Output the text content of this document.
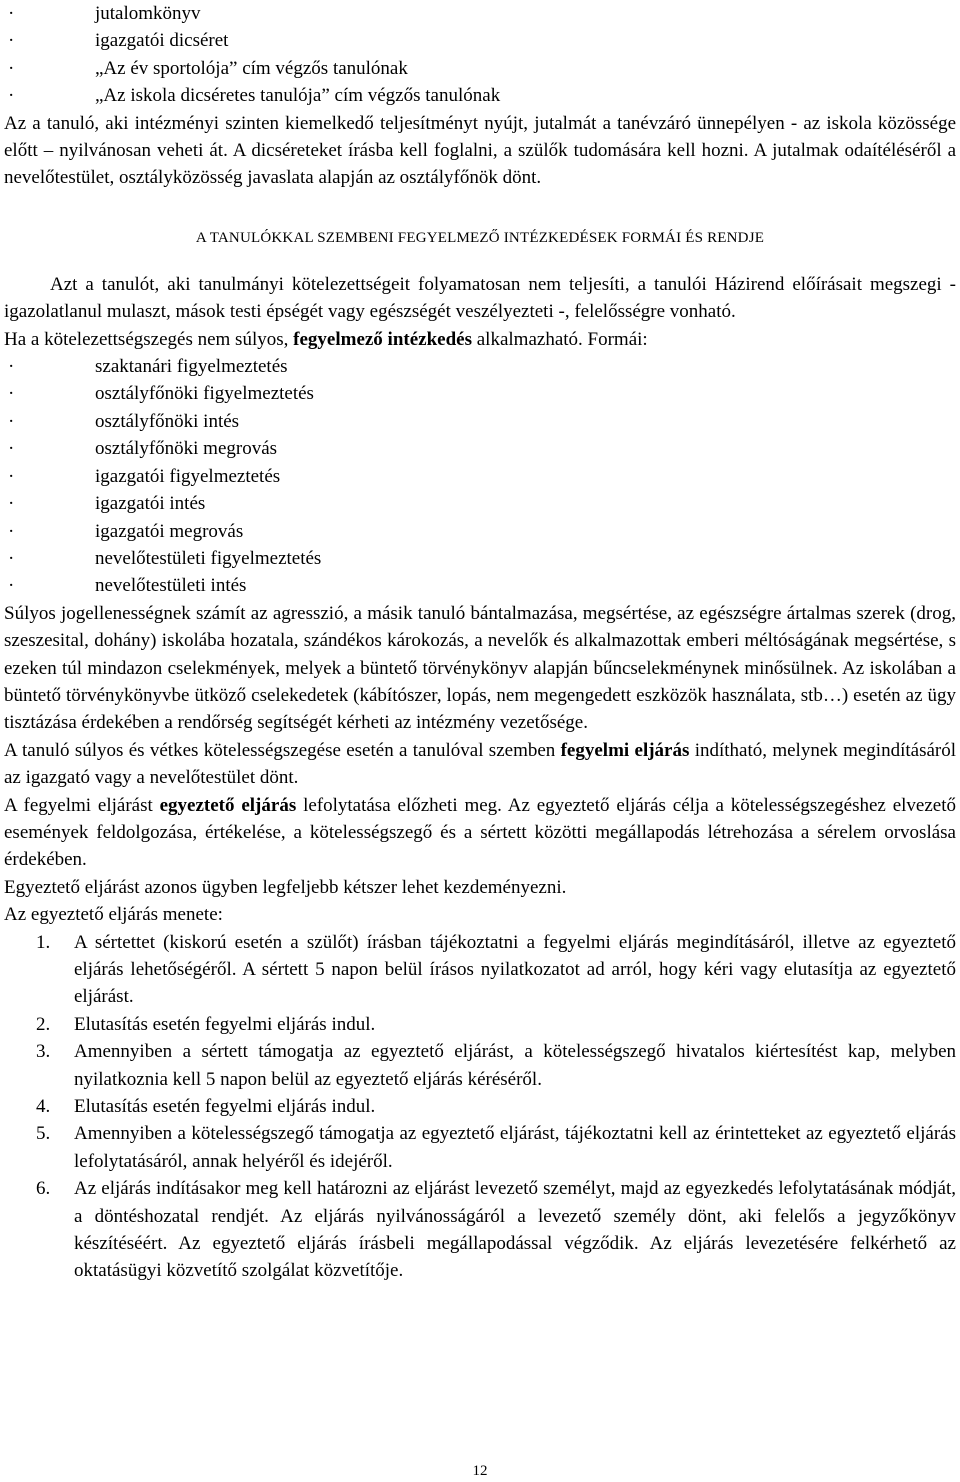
·	jutalomkönyv
·	igazgatói dicséret
·	„Az év sportolója” cím végzős tanulónak
·	„Az iskola dicséretes tanulója” cím végzős tanulónak
Az a tanuló, aki intézményi szinten kiemelkedő teljesítményt nyújt, jutalmát a tanévzáró ünnepélyen - az iskola közössége előtt – nyilvánosan veheti át. A dicséreteket írásba kell foglalni, a szülők tudomására kell hozni. A jutalmak odaítéléséről a nevelőtestület, osztályközösség javaslata alapján az osztályfőnök dönt.
A TANULÓKKAL SZEMBENI FEGYELMEZŐ INTÉZKEDÉSEK FORMÁI ÉS RENDJE
Azt a tanulót, aki tanulmányi kötelezettségeit folyamatosan nem teljesíti, a tanulói Házirend előírásait megszegi - igazolatlanul mulaszt, mások testi épségét vagy egészségét veszélyezteti -, felelősségre vonható.
Ha a kötelezettségszegés nem súlyos, fegyelmező intézkedés alkalmazható. Formái:
·	szaktanári figyelmeztetés
·	osztályfőnöki figyelmeztetés
·	osztályfőnöki intés
·	osztályfőnöki megrovás
·	igazgatói figyelmeztetés
·	igazgatói intés
·	igazgatói megrovás
·	nevelőtestületi figyelmeztetés
·	nevelőtestületi intés
Súlyos jogellenességnek számít az agresszió, a másik tanuló bántalmazása, megsértése, az egészségre ártalmas szerek (drog, szeszesital, dohány) iskolába hozatala, szándékos károkozás, a nevelők és alkalmazottak emberi méltóságának megsértése, s ezeken túl mindazon cselekmények, melyek a büntető törvénykönyv alapján bűncselekménynek minősülnek. Az iskolában a büntető törvénykönyvbe ütköző cselekedetek (kábítószer, lopás, nem megengedett eszközök használata, stb…) esetén az ügy tisztázása érdekében a rendőrség segítségét kérheti az intézmény vezetősége.
A tanuló súlyos és vétkes kötelességszegése esetén a tanulóval szemben fegyelmi eljárás indítható, melynek megindításáról az igazgató vagy a nevelőtestület dönt.
A fegyelmi eljárást egyeztető eljárás lefolytatása előzheti meg. Az egyeztető eljárás célja a kötelességszegéshez elvezető események feldolgozása, értékelése, a kötelességszegő és a sértett közötti megállapodás létrehozása a sérelem orvoslása érdekében.
Egyeztető eljárást azonos ügyben legfeljebb kétszer lehet kezdeményezni.
Az egyeztető eljárás menete:
1.	A sértettet (kiskorú esetén a szülőt) írásban tájékoztatni a fegyelmi eljárás megindításáról, illetve az egyeztető eljárás lehetőségéről. A sértett 5 napon belül írásos nyilatkozatot ad arról, hogy kéri vagy elutasítja az egyeztető eljárást.
2.	Elutasítás esetén fegyelmi eljárás indul.
3.	Amennyiben a sértett támogatja az egyeztető eljárást, a kötelességszegő hivatalos kiértesítést kap, melyben nyilatkoznia kell 5 napon belül az egyeztető eljárás kéréséről.
4.	Elutasítás esetén fegyelmi eljárás indul.
5.	Amennyiben a kötelességszegő támogatja az egyeztető eljárást, tájékoztatni kell az érintetteket az egyeztető eljárás lefolytatásáról, annak helyéről és idejéről.
6.	Az eljárás indításakor meg kell határozni az eljárást levezető személyt, majd az egyezkedés lefolytatásának módját, a döntéshozatal rendjét. Az eljárás nyilvánosságáról a levezető személy dönt, aki felelős a jegyzőkönyv készítéséért. Az egyeztető eljárás írásbeli megállapodással végződik. Az eljárás levezetésére felkérhető az oktatásügyi közvetítő szolgálat közvetítője.
12
